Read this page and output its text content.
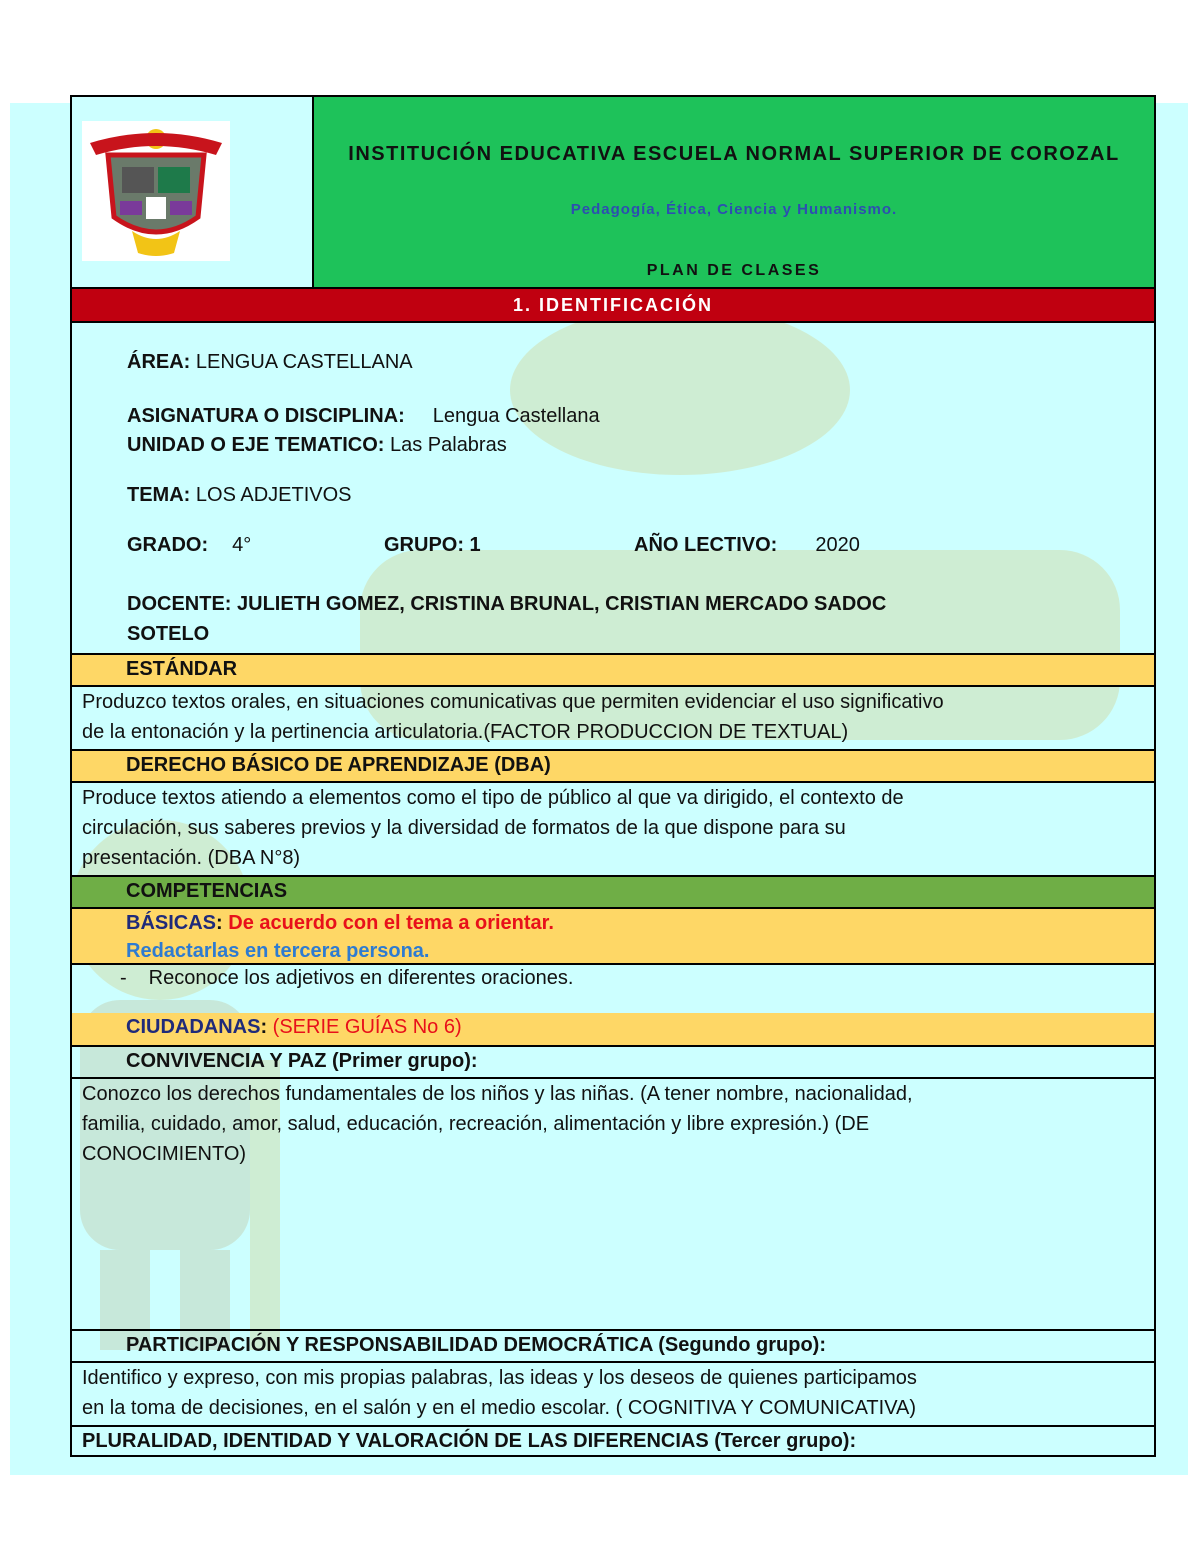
INSTITUCIÓN EDUCATIVA ESCUELA NORMAL SUPERIOR DE COROZAL
Pedagogía, Ética, Ciencia y Humanismo.
PLAN DE CLASES
1. IDENTIFICACIÓN
ÁREA: LENGUA CASTELLANA
ASIGNATURA O DISCIPLINA: Lengua Castellana
UNIDAD O EJE TEMATICO: Las Palabras
TEMA: LOS ADJETIVOS
GRADO: 4°	GRUPO: 1	AÑO LECTIVO: 2020
DOCENTE: JULIETH GOMEZ, CRISTINA BRUNAL, CRISTIAN MERCADO SADOC
SOTELO
ESTÁNDAR
Produzco textos orales, en situaciones comunicativas que permiten evidenciar el uso significativo
de la entonación y la pertinencia articulatoria.(FACTOR PRODUCCION DE TEXTUAL)
DERECHO BÁSICO DE APRENDIZAJE (DBA)
Produce textos atiendo a elementos como el tipo de público al que va dirigido, el contexto de
circulación, sus saberes previos y la diversidad de formatos de la que dispone para su
presentación. (DBA N°8)
COMPETENCIAS
BÁSICAS: De acuerdo con el tema a orientar.
Redactarlas en tercera persona.
- Reconoce los adjetivos en diferentes oraciones.
CIUDADANAS: (SERIE GUÍAS No 6)
CONVIVENCIA Y PAZ (Primer grupo):
Conozco los derechos fundamentales de los niños y las niñas. (A tener nombre, nacionalidad,
familia, cuidado, amor, salud, educación, recreación, alimentación y libre expresión.) (DE
CONOCIMIENTO)
PARTICIPACIÓN Y RESPONSABILIDAD DEMOCRÁTICA (Segundo grupo):
Identifico y expreso, con mis propias palabras, las ideas y los deseos de quienes participamos
en la toma de decisiones, en el salón y en el medio escolar. ( COGNITIVA Y COMUNICATIVA)
PLURALIDAD, IDENTIDAD Y VALORACIÓN DE LAS DIFERENCIAS (Tercer grupo):
